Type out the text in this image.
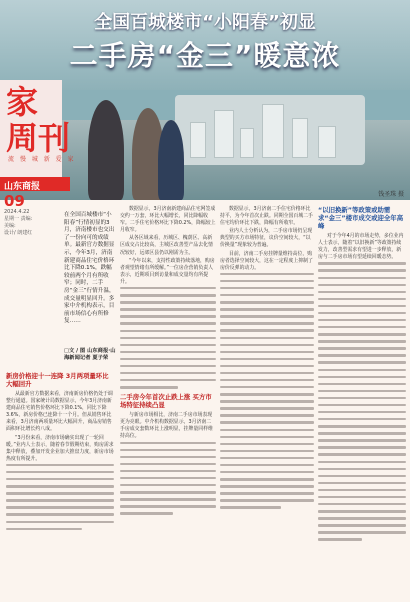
全国百城楼市“小阳春”初显
二手房“金三”暖意浓
钱圣珠 摄
家
周刊
流 慢 城 新 爱 家
山东商报
09
2024.4.22
星期一 责编:
美编:
设计/ 朗建红
在全国百城楼市“小阳春”行情初显的3月，济南楼市也交出了一份向可的成绩单。最新官方数据显示，今年3月，济南新建商品住宅价格环比下降0.1%，跌幅较前两个月有所收窄；同时，二手房“金三”行情升温，成交量明显回升。多家中介机构表示，目前市场信心有所修复……
□文 / 图 山东商报·山海新闻记者 夏子荣
新房价格迎十一连降 3月两项量环比大幅回升

从最新官方数据来看，济南新房价格仍处于调整行通道。国家统计局数据显示，今年3月济南新建商品住宅销售价格环比下降0.1%，同比下降3.6%，新房价格已连降十一个月。但从销售环比来看，3月济南两项量环比大幅回升，商品房销售面积环比增长约八成。

“3月份来看，济南市场确实出现了一轮回暖。”业内人士表示，随着春节假期结束，购房需求集中释放，叠加开发企业加大推盘力度，新房市场热度有所提升。

数据显示，3月济南新建商品住宅网签成交约一万套，环比大幅增长，同比降幅收窄。二手住宅价格环比下降0.2%，降幅较上月收窄。

从各区域来看，历城区、槐荫区、高新区成交占比较高，主城区改善型产品去化情况较好，远郊区县仍以刚需为主。

“今年以来，支持性政策持续落地，购房者观望情绪有所缓解。”一位房企营销负责人表示，近期项目到访量和成交量均有所提升。

二手房今年首次止跌上涨 买方市场特征持续凸显

与新房市场相比，济南二手房市场表现更为亮眼。中介机构数据显示，3月济南二手房成交套数环比上涨明显，挂牌量同样维持高位。

数据显示，3月济南二手住宅价格环比持平，为今年首次止跌。同期全国百城二手住宅均价环比下跌，降幅有所收窄。

业内人士分析认为，二手房市场仍呈现典型的买方市场特征，议价空间较大，“以价换量”现象较为普遍。

目前，济南二手房挂牌量维持高位，购房者选择空间较大，这在一定程度上抑制了房价反弹的动力。

“以旧换新”等政策或助需求“金三”楼市成交或迎全年高峰

对于今年4月的市场走势，多位业内人士表示，随着“以旧换新”等政策持续发力，改善型需求有望进一步释放，新房与二手房市场有望延续回暖态势。
